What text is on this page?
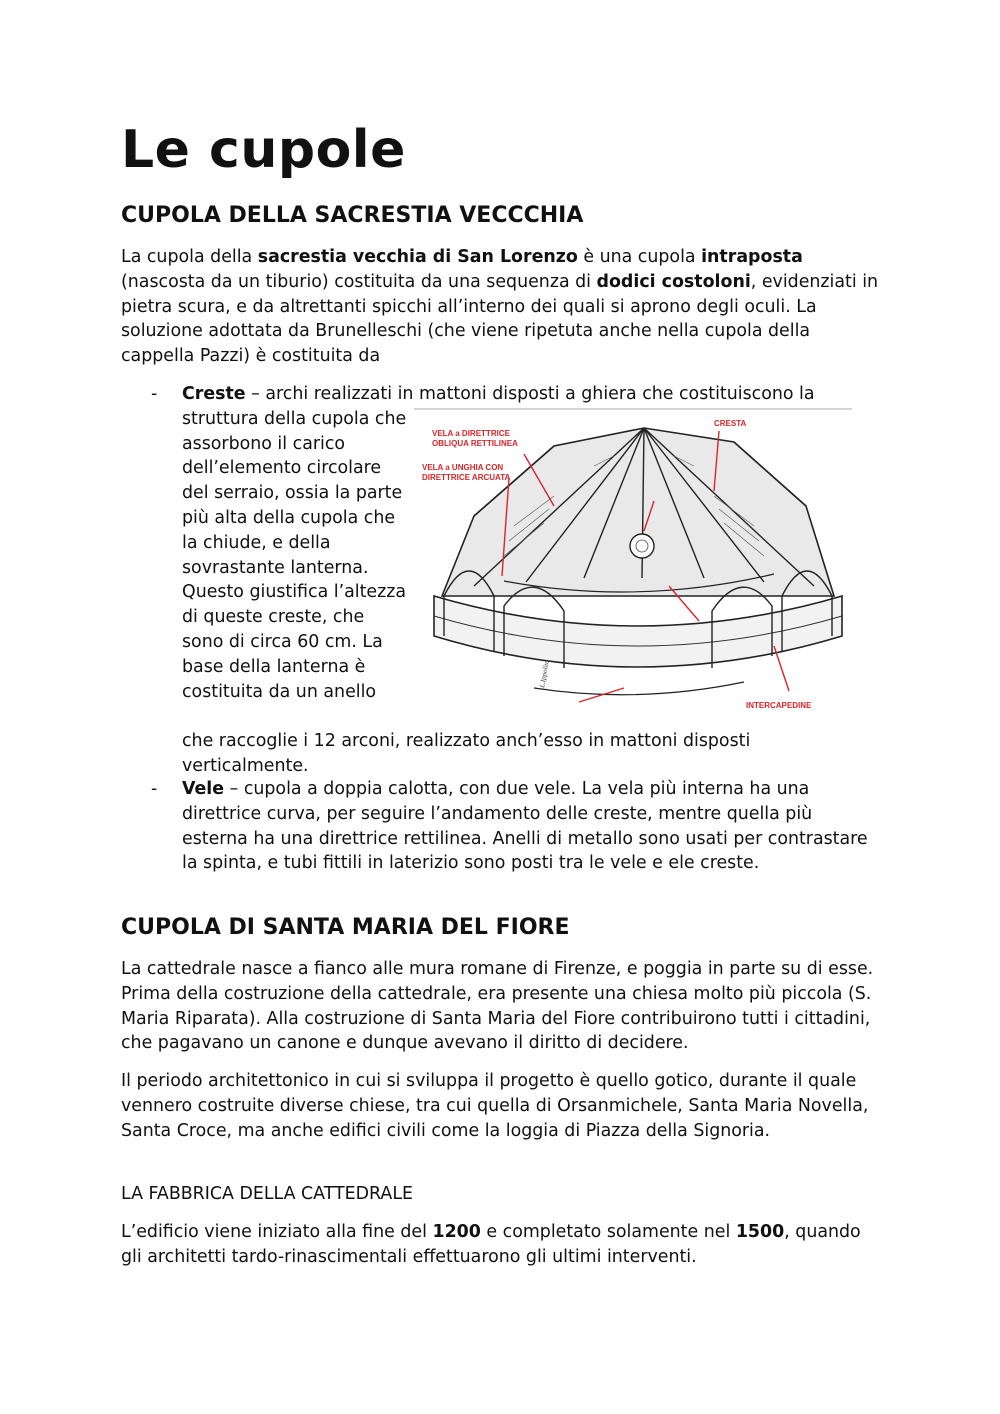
Le cupole
CUPOLA DELLA SACRESTIA VECCCHIA

La cupola della sacrestia vecchia di San Lorenzo è una cupola intraposta (nascosta da un tiburio) costituita da una sequenza di dodici costoloni, evidenziati in pietra scura, e da altrettanti spicchi all’interno dei quali si aprono degli oculi. La soluzione adottata da Brunelleschi (che viene ripetuta anche nella cupola della cappella Pazzi) è costituita da

- Creste – archi realizzati in mattoni disposti a ghiera che costituiscono la
struttura della cupola che assorbono il carico dell’elemento circolare del serraio, ossia la parte più alta della cupola che la chiude, e della sovrastante lanterna. Questo giustifica l’altezza di queste creste, che sono di circa 60 cm. La base della lanterna è costituita da un anello
che raccoglie i 12 arconi, realizzato anch’esso in mattoni disposti verticalmente.
- Vele – cupola a doppia calotta, con due vele. La vela più interna ha una direttrice curva, per seguire l’andamento delle creste, mentre quella più esterna ha una direttrice rettilinea. Anelli di metallo sono usati per contrastare la spinta, e tubi fittili in laterizio sono posti tra le vele e ele creste.
CUPOLA DI SANTA MARIA DEL FIORE

La cattedrale nasce a fianco alle mura romane di Firenze, e poggia in parte su di esse. Prima della costruzione della cattedrale, era presente una chiesa molto più piccola (S. Maria Riparata). Alla costruzione di Santa Maria del Fiore contribuirono tutti i cittadini, che pagavano un canone e dunque avevano il diritto di decidere.

Il periodo architettonico in cui si sviluppa il progetto è quello gotico, durante il quale vennero costruite diverse chiese, tra cui quella di Orsanmichele, Santa Maria Novella, Santa Croce, ma anche edifici civili come la loggia di Piazza della Signoria.

LA FABBRICA DELLA CATTEDRALE

L’edificio viene iniziato alla fine del 1200 e completato solamente nel 1500, quando gli architetti tardo-rinascimentali effettuarono gli ultimi interventi.

VELA a DIRETTRICE
OBLIQUA RETTILINEA
VELA a UNGHIA CON
DIRETTRICE ARCUATA
CRESTA
INTERCAPEDINE
L.Ippolito
